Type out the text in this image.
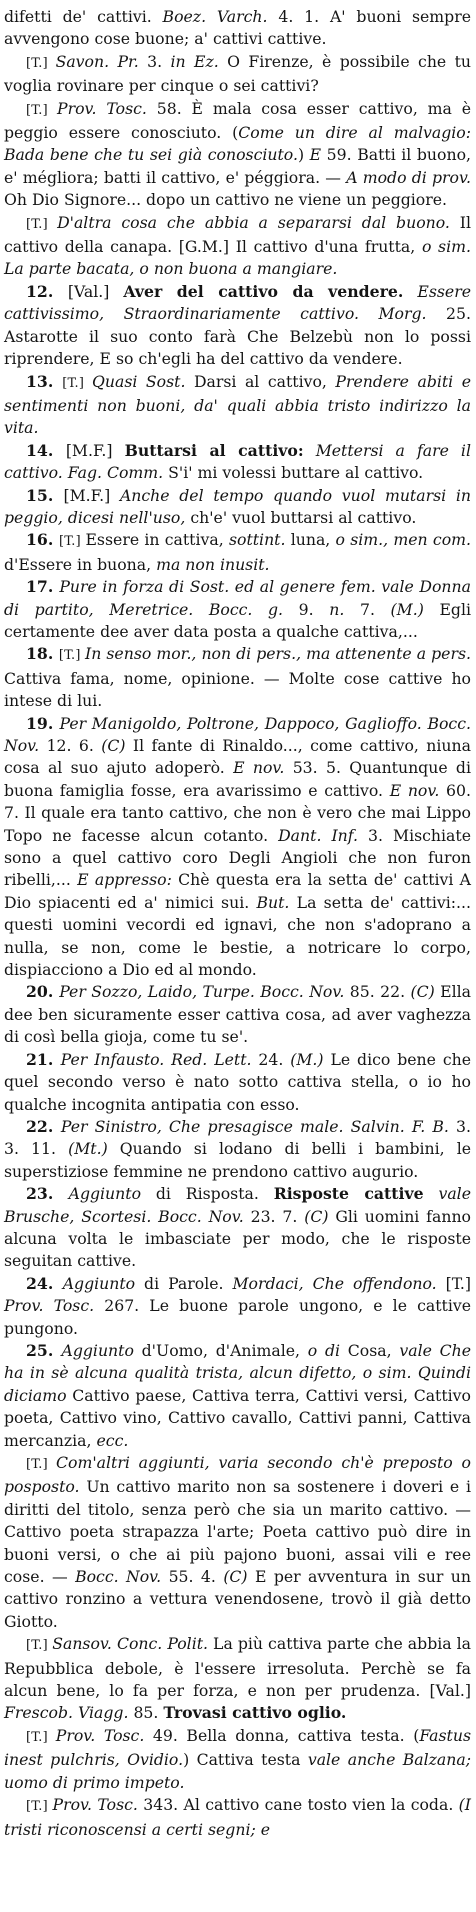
difetti de' cattivi. Boez. Varch. 4. 1. A' buoni sempre avvengono cose buone; a' cattivi cattive.

[T.] Savon. Pr. 3. in Ez. O Firenze, è possibile che tu voglia rovinare per cinque o sei cattivi?

[T.] Prov. Tosc. 58. È mala cosa esser cattivo, ma è peggio essere conosciuto. (Come un dire al malvagio: Bada bene che tu sei già conosciuto.) E 59. Batti il buono, e' mégliora; batti il cattivo, e' péggiora. — A modo di prov. Oh Dio Signore... dopo un cattivo ne viene un peggiore.

[T.] D'altra cosa che abbia a separarsi dal buono. Il cattivo della canapa. [G.M.] Il cattivo d'una frutta, o sim. La parte bacata, o non buona a mangiare.

12. [Val.] Aver del cattivo da vendere. Essere cattivissimo, Straordinariamente cattivo. Morg. 25. Astarotte il suo conto farà Che Belzebù non lo possi riprendere, E so ch'egli ha del cattivo da vendere.

13. [T.] Quasi Sost. Darsi al cattivo, Prendere abiti e sentimenti non buoni, da' quali abbia tristo indirizzo la vita.

14. [M.F.] Buttarsi al cattivo: Mettersi a fare il cattivo. Fag. Comm. S'i' mi volessi buttare al cattivo.

15. [M.F.] Anche del tempo quando vuol mutarsi in peggio, dicesi nell'uso, ch'e' vuol buttarsi al cattivo.

16. [T.] Essere in cattiva, sottint. luna, o sim., men com. d'Essere in buona, ma non inusit.

17. Pure in forza di Sost. ed al genere fem. vale Donna di partito, Meretrice. Bocc. g. 9. n. 7. (M.) Egli certamente dee aver data posta a qualche cattiva,...

18. [T.] In senso mor., non di pers., ma attenente a pers. Cattiva fama, nome, opinione. — Molte cose cattive ho intese di lui.

19. Per Manigoldo, Poltrone, Dappoco, Gaglioffo. Bocc. Nov. 12. 6. (C) Il fante di Rinaldo..., come cattivo, niuna cosa al suo ajuto adoperò. E nov. 53. 5. Quantunque di buona famiglia fosse, era avarissimo e cattivo. E nov. 60. 7. Il quale era tanto cattivo, che non è vero che mai Lippo Topo ne facesse alcun cotanto. Dant. Inf. 3. Mischiate sono a quel cattivo coro Degli Angioli che non furon ribelli,... E appresso: Chè questa era la setta de' cattivi A Dio spiacenti ed a' nimici sui. But. La setta de' cattivi:... questi uomini vecordi ed ignavi, che non s'adoprano a nulla, se non, come le bestie, a notricare lo corpo, dispiacciono a Dio ed al mondo.

20. Per Sozzo, Laido, Turpe. Bocc. Nov. 85. 22. (C) Ella dee ben sicuramente esser cattiva cosa, ad aver vaghezza di così bella gioja, come tu se'.

21. Per Infausto. Red. Lett. 24. (M.) Le dico bene che quel secondo verso è nato sotto cattiva stella, o io ho qualche incognita antipatia con esso.

22. Per Sinistro, Che presagisce male. Salvin. F. B. 3. 3. 11. (Mt.) Quando si lodano di belli i bambini, le superstiziose femmine ne prendono cattivo augurio.

23. Aggiunto di Risposta. Risposte cattive vale Brusche, Scortesi. Bocc. Nov. 23. 7. (C) Gli uomini fanno alcuna volta le imbasciate per modo, che le risposte seguitan cattive.

24. Aggiunto di Parole. Mordaci, Che offendono. [T.] Prov. Tosc. 267. Le buone parole ungono, e le cattive pungono.

25. Aggiunto d'Uomo, d'Animale, o di Cosa, vale Che ha in sè alcuna qualità trista, alcun difetto, o sim. Quindi diciamo Cattivo paese, Cattiva terra, Cattivi versi, Cattivo poeta, Cattivo vino, Cattivo cavallo, Cattivi panni, Cattiva mercanzia, ecc.

[T.] Com'altri aggiunti, varia secondo ch'è preposto o posposto. Un cattivo marito non sa sostenere i doveri e i diritti del titolo, senza però che sia un marito cattivo. — Cattivo poeta strapazza l'arte; Poeta cattivo può dire in buoni versi, o che ai più pajono buoni, assai vili e ree cose. — Bocc. Nov. 55. 4. (C) E per avventura in sur un cattivo ronzino a vettura venendosene, trovò il già detto Giotto.

[T.] Sansov. Conc. Polit. La più cattiva parte che abbia la Repubblica debole, è l'essere irresoluta. Perchè se fa alcun bene, lo fa per forza, e non per prudenza. [Val.] Frescob. Viagg. 85. Trovasi cattivo oglio.

[T.] Prov. Tosc. 49. Bella donna, cattiva testa. (Fastus inest pulchris, Ovidio.) Cattiva testa vale anche Balzana; uomo di primo impeto.

[T.] Prov. Tosc. 343. Al cattivo cane tosto vien la coda. (I tristi riconoscensi a certi segni; e
